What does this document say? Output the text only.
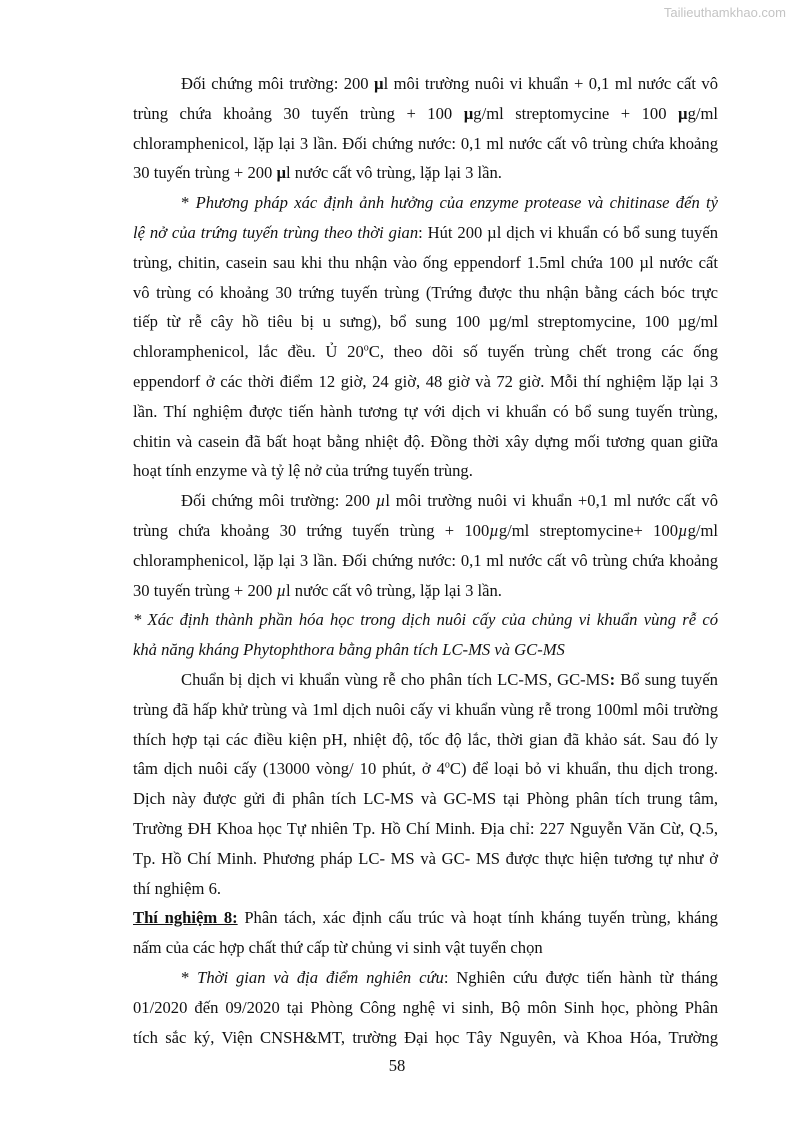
Tailieuthamkhao.com
Đối chứng môi trường: 200 µl môi trường nuôi vi khuẩn + 0,1 ml nước cất vô
trùng chứa khoảng 30 tuyến trùng + 100 µg/ml streptomycine + 100 µg/ml
chloramphenicol, lặp lại 3 lần. Đối chứng nước: 0,1 ml nước cất vô trùng chứa khoảng
30 tuyến trùng + 200 µl nước cất vô trùng, lặp lại 3 lần.
* Phương pháp xác định ảnh hưởng của enzyme protease và chitinase đến tỷ
lệ nở của trứng tuyến trùng theo thời gian: Hút 200 µl dịch vi khuẩn có bổ sung tuyến
trùng, chitin, casein sau khi thu nhận vào ống eppendorf 1.5ml chứa 100 µl nước cất
vô trùng có khoảng 30 trứng tuyến trùng (Trứng được thu nhận bằng cách bóc trực
tiếp từ rễ cây hồ tiêu bị u sưng), bổ sung 100 µg/ml streptomycine, 100 µg/ml
chloramphenicol, lắc đều. Ủ 20$^o$C, theo dõi số tuyến trùng chết trong các ống
eppendorf ở các thời điểm 12 giờ, 24 giờ, 48 giờ và 72 giờ. Mỗi thí nghiệm lặp lại 3
lần. Thí nghiệm được tiến hành tương tự với dịch vi khuẩn có bổ sung tuyến trùng,
chitin và casein đã bất hoạt bằng nhiệt độ. Đồng thời xây dựng mối tương quan giữa
hoạt tính enzyme và tỷ lệ nở của trứng tuyến trùng.
Đối chứng môi trường: 200 µl môi trường nuôi vi khuẩn +0,1 ml nước cất vô
trùng chứa khoảng 30 trứng tuyến trùng + 100µg/ml streptomycine+ 100µg/ml
chloramphenicol, lặp lại 3 lần. Đối chứng nước: 0,1 ml nước cất vô trùng chứa khoảng
30 tuyến trùng + 200 µl nước cất vô trùng, lặp lại 3 lần.
* Xác định thành phần hóa học trong dịch nuôi cấy của chủng vi khuẩn vùng rễ có
khả năng kháng Phytophthora bằng phân tích LC-MS và GC-MS
Chuẩn bị dịch vi khuẩn vùng rễ cho phân tích LC-MS, GC-MS: Bổ sung tuyến
trùng đã hấp khử trùng và 1ml dịch nuôi cấy vi khuẩn vùng rễ trong 100ml môi trường
thích hợp tại các điều kiện pH, nhiệt độ, tốc độ lắc, thời gian đã khảo sát. Sau đó ly
tâm dịch nuôi cấy (13000 vòng/ 10 phút, ở 4$^o$C) để loại bỏ vi khuẩn, thu dịch trong.
Dịch này được gửi đi phân tích LC-MS và GC-MS tại Phòng phân tích trung tâm,
Trường ĐH Khoa học Tự nhiên Tp. Hồ Chí Minh. Địa chỉ: 227 Nguyễn Văn Cừ, Q.5,
Tp. Hồ Chí Minh. Phương pháp LC- MS và GC- MS được thực hiện tương tự như ở
thí nghiệm 6.
Thí nghiệm 8: Phân tách, xác định cấu trúc và hoạt tính kháng tuyến trùng, kháng
nấm của các hợp chất thứ cấp từ chủng vi sinh vật tuyển chọn
* Thời gian và địa điểm nghiên cứu: Nghiên cứu được tiến hành từ tháng
01/2020 đến 09/2020 tại Phòng Công nghệ vi sinh, Bộ môn Sinh học, phòng Phân
tích sắc ký, Viện CNSH&MT, trường Đại học Tây Nguyên, và Khoa Hóa, Trường
58
